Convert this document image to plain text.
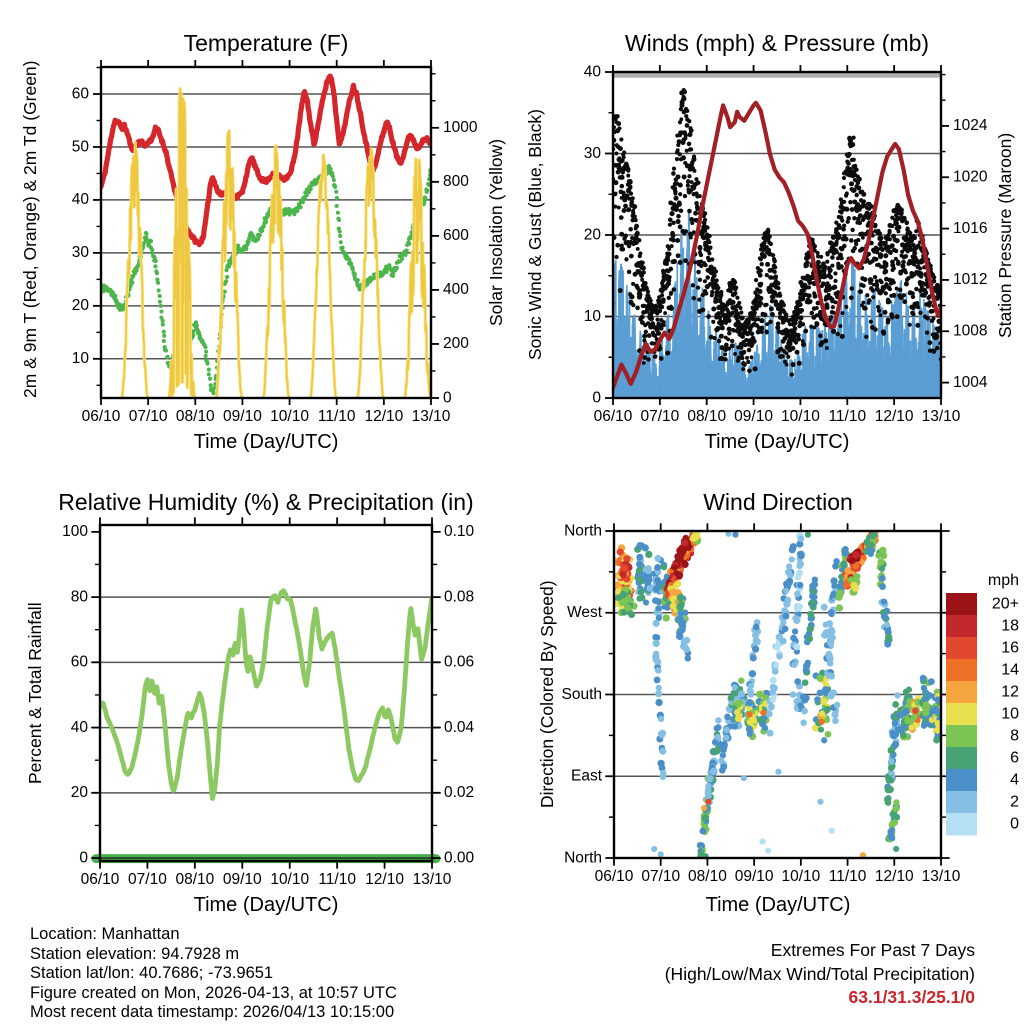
Temperature (F)	Winds (mph) & Pressure (mb)
Relative Humidity (%) & Precipitation (in)	Wind Direction
Time (Day/UTC)	Time (Day/UTC)
Time (Day/UTC)	Time (Day/UTC)
2m & 9m T (Red, Orange) & 2m Td (Green)	Solar Insolation (Yellow) Sonic Wind & Gust (Blue, Black)	Station Pressure (Maroon)
Percent & Total Rainfall	Direction (Colored By Speed)
Location: Manhattan
Station elevation: 94.7928 m
Station lat/lon: 40.7686; -73.9651
Figure created on Mon, 2026-04-13, at 10:57 UTC
Most recent data timestamp: 2026/04/13 10:15:00
Extremes For Past 7 Days
(High/Low/Max Wind/Total Precipitation)
63.1/31.3/25.1/0
